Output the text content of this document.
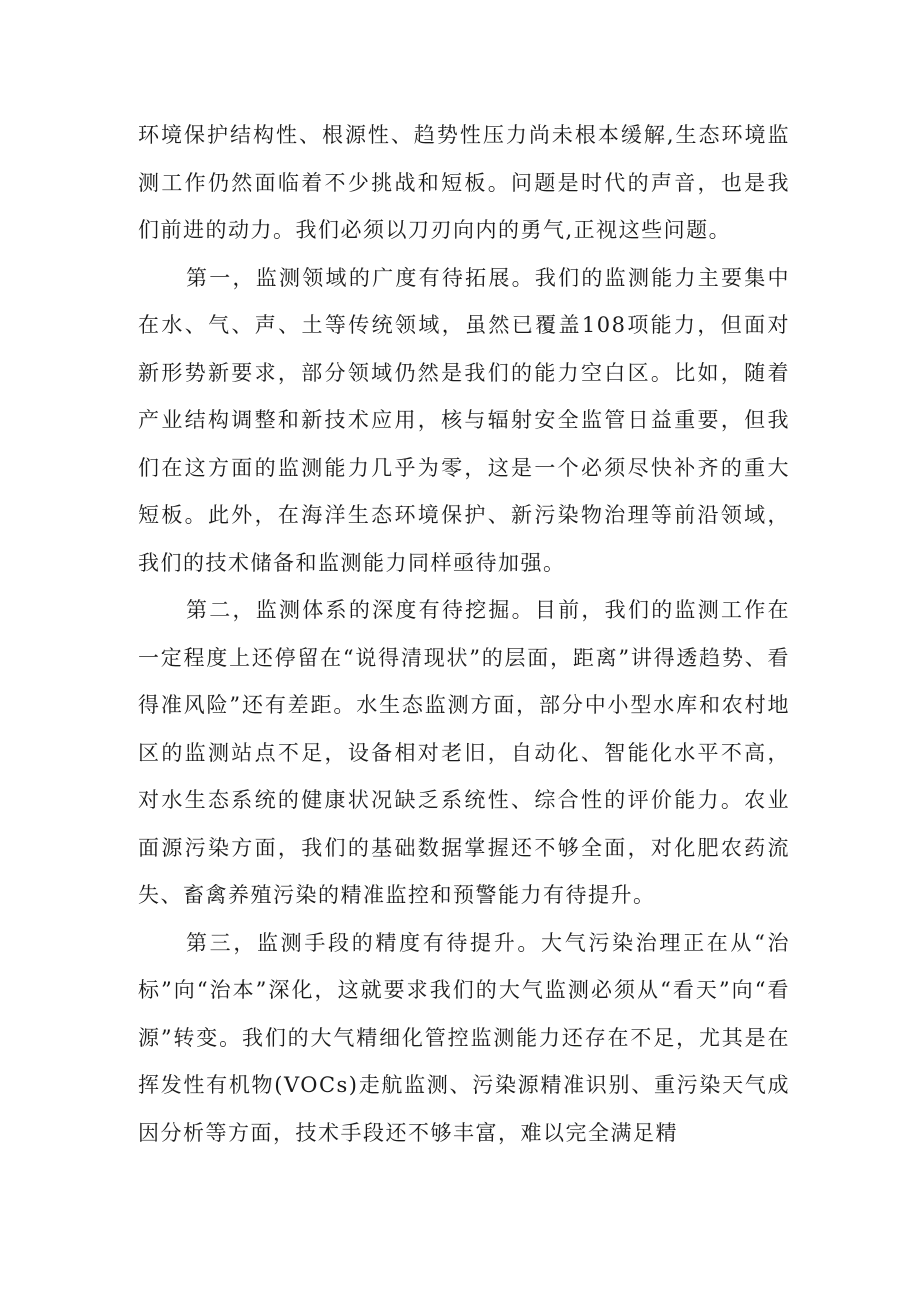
环境保护结构性、根源性、趋势性压力尚未根本缓解,生态环境监测工作仍然面临着不少挑战和短板。问题是时代的声音，也是我们前进的动力。我们必须以刀刃向内的勇气,正视这些问题。

第一，监测领域的广度有待拓展。我们的监测能力主要集中在水、气、声、土等传统领域，虽然已覆盖108项能力，但面对新形势新要求，部分领域仍然是我们的能力空白区。比如，随着产业结构调整和新技术应用，核与辐射安全监管日益重要，但我们在这方面的监测能力几乎为零，这是一个必须尽快补齐的重大短板。此外，在海洋生态环境保护、新污染物治理等前沿领域，我们的技术储备和监测能力同样亟待加强。

第二，监测体系的深度有待挖掘。目前，我们的监测工作在一定程度上还停留在“说得清现状”的层面，距离”讲得透趋势、看得准风险”还有差距。水生态监测方面，部分中小型水库和农村地区的监测站点不足，设备相对老旧，自动化、智能化水平不高，对水生态系统的健康状况缺乏系统性、综合性的评价能力。农业面源污染方面，我们的基础数据掌握还不够全面，对化肥农药流失、畜禽养殖污染的精准监控和预警能力有待提升。

第三，监测手段的精度有待提升。大气污染治理正在从“治标”向“治本”深化，这就要求我们的大气监测必须从“看天”向“看源”转变。我们的大气精细化管控监测能力还存在不足，尤其是在挥发性有机物(VOCs)走航监测、污染源精准识别、重污染天气成因分析等方面，技术手段还不够丰富，难以完全满足精
